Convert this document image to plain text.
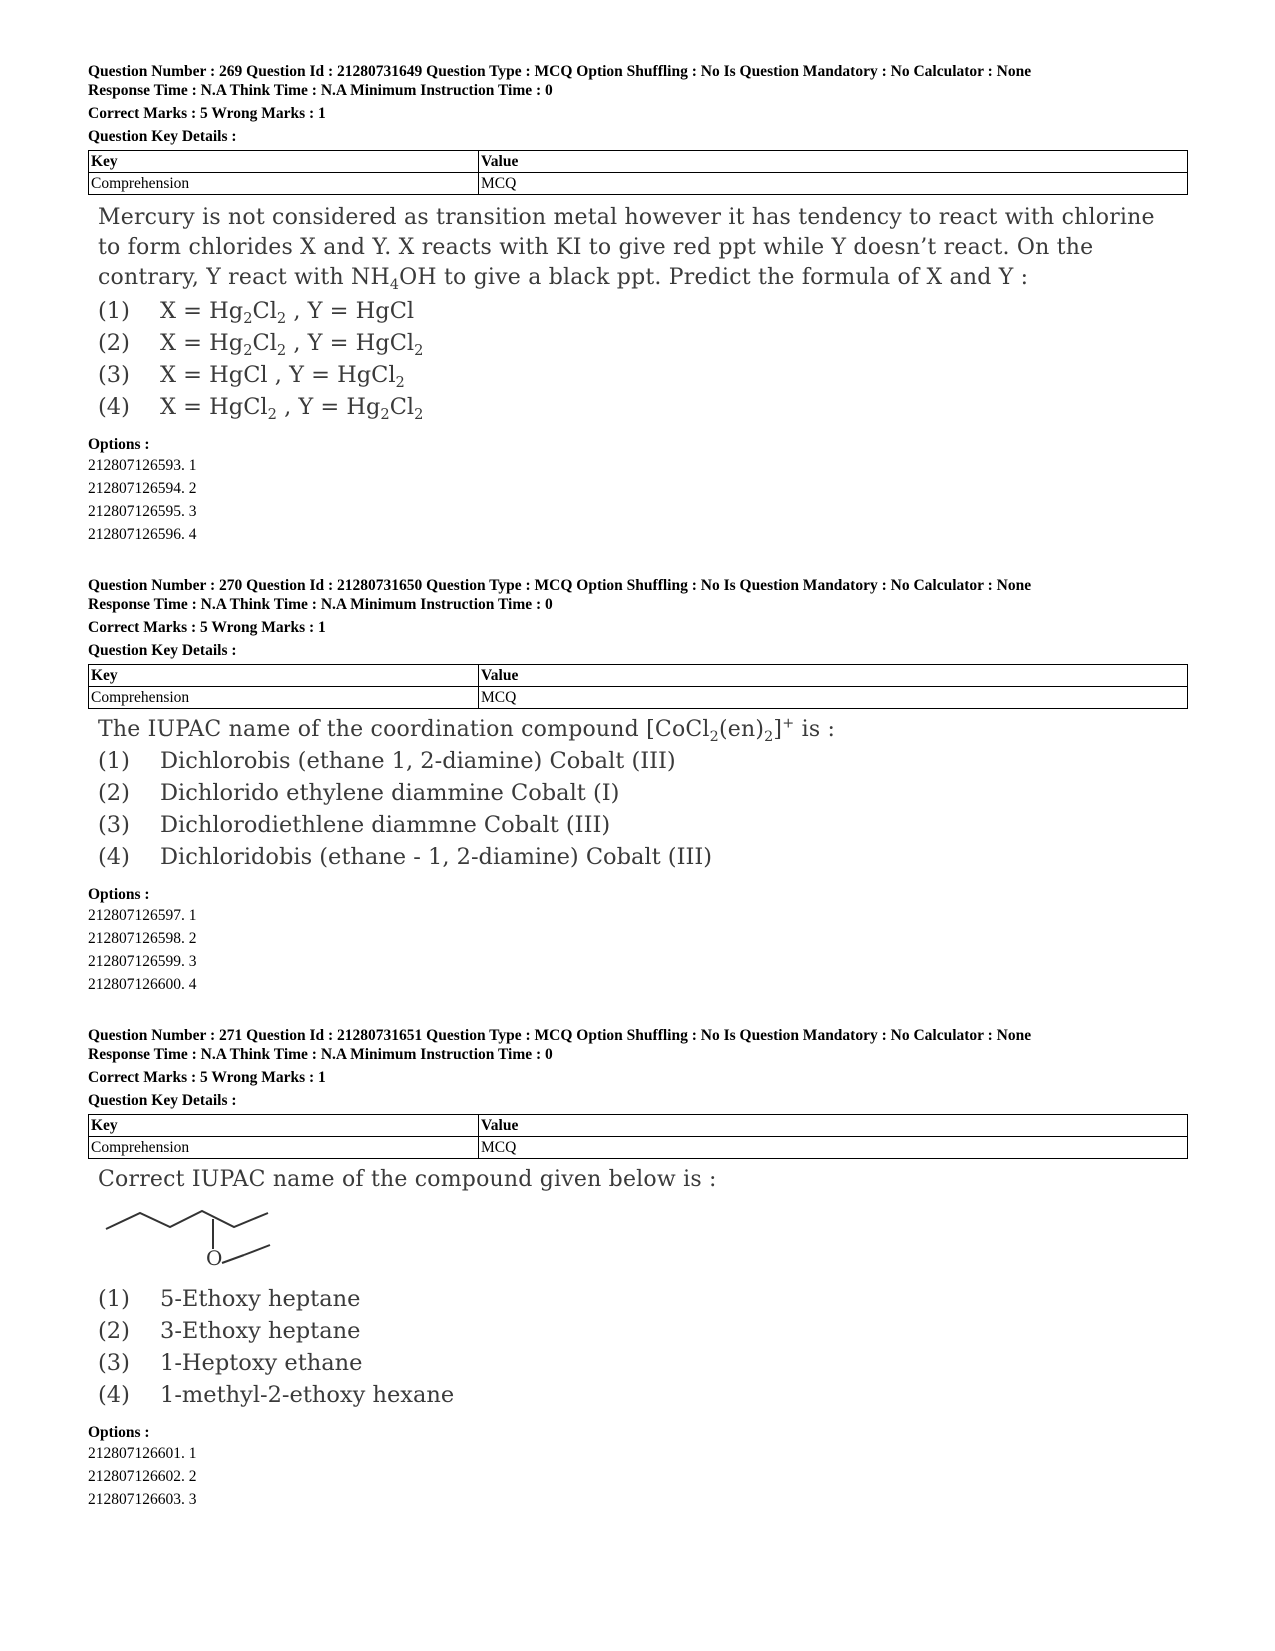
Question Number : 269 Question Id : 21280731649 Question Type : MCQ Option Shuffling : No Is Question Mandatory : No Calculator : None
Response Time : N.A Think Time : N.A Minimum Instruction Time : 0
Correct Marks : 5 Wrong Marks : 1
Question Key Details :
Key	Value
Comprehension	MCQ
Mercury is not considered as transition metal however it has tendency to react with chlorine to form chlorides X and Y. X reacts with KI to give red ppt while Y doesn’t react. On the contrary, Y react with $NH_4OH$ to give a black ppt. Predict the formula of X and Y :
(1)	$X = Hg_2Cl_2$ , Y = HgCl
(2)	$X = Hg_2Cl_2$ , Y = HgCl$_2$
(3)	X = HgCl , Y = HgCl$_2$
(4)	X = HgCl$_2$ , $Y = Hg_2Cl_2$
Options :
212807126593. 1
212807126594. 2
212807126595. 3
212807126596. 4
Question Number : 270 Question Id : 21280731650 Question Type : MCQ Option Shuffling : No Is Question Mandatory : No Calculator : None
Response Time : N.A Think Time : N.A Minimum Instruction Time : 0
Correct Marks : 5 Wrong Marks : 1
Question Key Details :
Key	Value
Comprehension	MCQ
The IUPAC name of the coordination compound $[CoCl_2(en)_2]^+$ is :
(1)	Dichlorobis (ethane 1, 2-diamine) Cobalt (III)
(2)	Dichlorido ethylene diammine Cobalt (I)
(3)	Dichlorodiethlene diammne Cobalt (III)
(4)	Dichloridobis (ethane - 1, 2-diamine) Cobalt (III)
Options :
212807126597. 1
212807126598. 2
212807126599. 3
212807126600. 4
Question Number : 271 Question Id : 21280731651 Question Type : MCQ Option Shuffling : No Is Question Mandatory : No Calculator : None
Response Time : N.A Think Time : N.A Minimum Instruction Time : 0
Correct Marks : 5 Wrong Marks : 1
Question Key Details :
Key	Value
Comprehension	MCQ
Correct IUPAC name of the compound given below is :
O
(1)	5-Ethoxy heptane
(2)	3-Ethoxy heptane
(3)	1-Heptoxy ethane
(4)	1-methyl-2-ethoxy hexane
Options :
212807126601. 1
212807126602. 2
212807126603. 3
